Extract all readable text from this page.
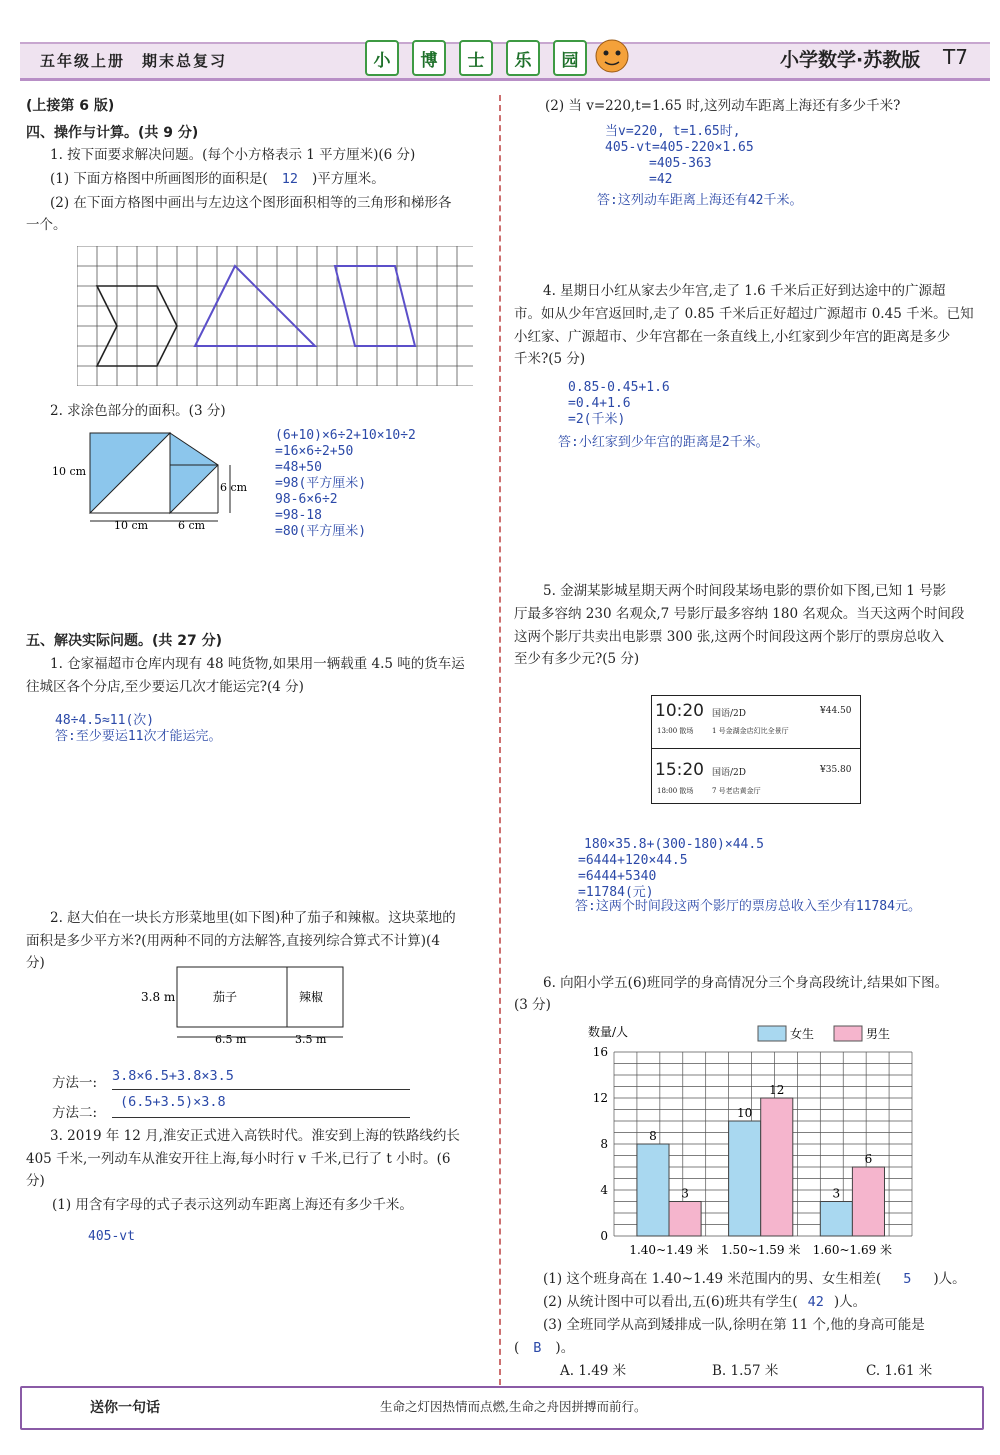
五年级上册　期末总复习	小	博	士	乐	园	小学数学·苏教版 T7
(上接第 6 版)
四、操作与计算。(共 9 分)
1. 按下面要求解决问题。(每个小方格表示 1 平方厘米)(6 分)
(1) 下面方格图中所画图形的面积是( 12 )平方厘米。
(2) 在下面方格图中画出与左边这个图形面积相等的三角形和梯形各
一个。
2. 求涂色部分的面积。(3 分)
10 cm
10 cm	6 cm
6 cm
(6+10)×6÷2+10×10÷2
=16×6÷2+50
=48+50
=98(平方厘米)
98-6×6÷2
=98-18
=80(平方厘米)
五、解决实际问题。(共 27 分)
1. 仓家福超市仓库内现有 48 吨货物,如果用一辆载重 4.5 吨的货车运
往城区各个分店,至少要运几次才能运完?(4 分)
48÷4.5≈11(次)
答:至少要运11次才能运完。
2. 赵大伯在一块长方形菜地里(如下图)种了茄子和辣椒。这块菜地的
面积是多少平方米?(用两种不同的方法解答,直接列综合算式不计算)(4
分)
3.8 m	茄子	辣椒
6.5 m	3.5 m
方法一: 3.8×6.5+3.8×3.5
方法二:
(6.5+3.5)×3.8
3. 2019 年 12 月,淮安正式进入高铁时代。淮安到上海的铁路线约长
405 千米,一列动车从淮安开往上海,每小时行 v 千米,已行了 t 小时。(6
分)
(1) 用含有字母的式子表示这列动车距离上海还有多少千米。
405-vt
(2) 当 v=220,t=1.65 时,这列动车距离上海还有多少千米?
当v=220, t=1.65时,
405-vt=405-220×1.65
=405-363
=42
答:这列动车距离上海还有42千米。
4. 星期日小红从家去少年宫,走了 1.6 千米后正好到达途中的广源超
市。如从少年宫返回时,走了 0.85 千米后正好超过广源超市 0.45 千米。已知
小红家、广源超市、少年宫都在一条直线上,小红家到少年宫的距离是多少
千米?(5 分)
0.85-0.45+1.6
=0.4+1.6
=2(千米)
答:小红家到少年宫的距离是2千米。
5. 金湖某影城星期天两个时间段某场电影的票价如下图,已知 1 号影
厅最多容纳 230 名观众,7 号影厅最多容纳 180 名观众。当天这两个时间段
这两个影厅共卖出电影票 300 张,这两个时间段这两个影厅的票房总收入
至少有多少元?(5 分)
10:20 国语/2D	¥44.50
13:00 散场	1 号金湖金店幻比全景厅
15:20 国语/2D	¥35.80
18:00 散场	7 号老店黄金厅
180×35.8+(300-180)×44.5
=6444+120×44.5
=6444+5340
=11784(元)
答:这两个时间段这两个影厅的票房总收入至少有11784元。
6. 向阳小学五(6)班同学的身高情况分三个身高段统计,结果如下图。
(3 分)
0
4
8
12
16
8
3
1.40~1.49 米
10
12
1.50~1.59 米
3
6
1.60~1.69 米
数量/人	女生	男生
(1) 这个班身高在 1.40~1.49 米范围内的男、女生相差( 5 )人。
(2) 从统计图中可以看出,五(6)班共有学生( 42 )人。
(3) 全班同学从高到矮排成一队,徐明在第 11 个,他的身高可能是
( B )。
A. 1.49 米	B. 1.57 米	C. 1.61 米
送你一句话	生命之灯因热情而点燃,生命之舟因拼搏而前行。
